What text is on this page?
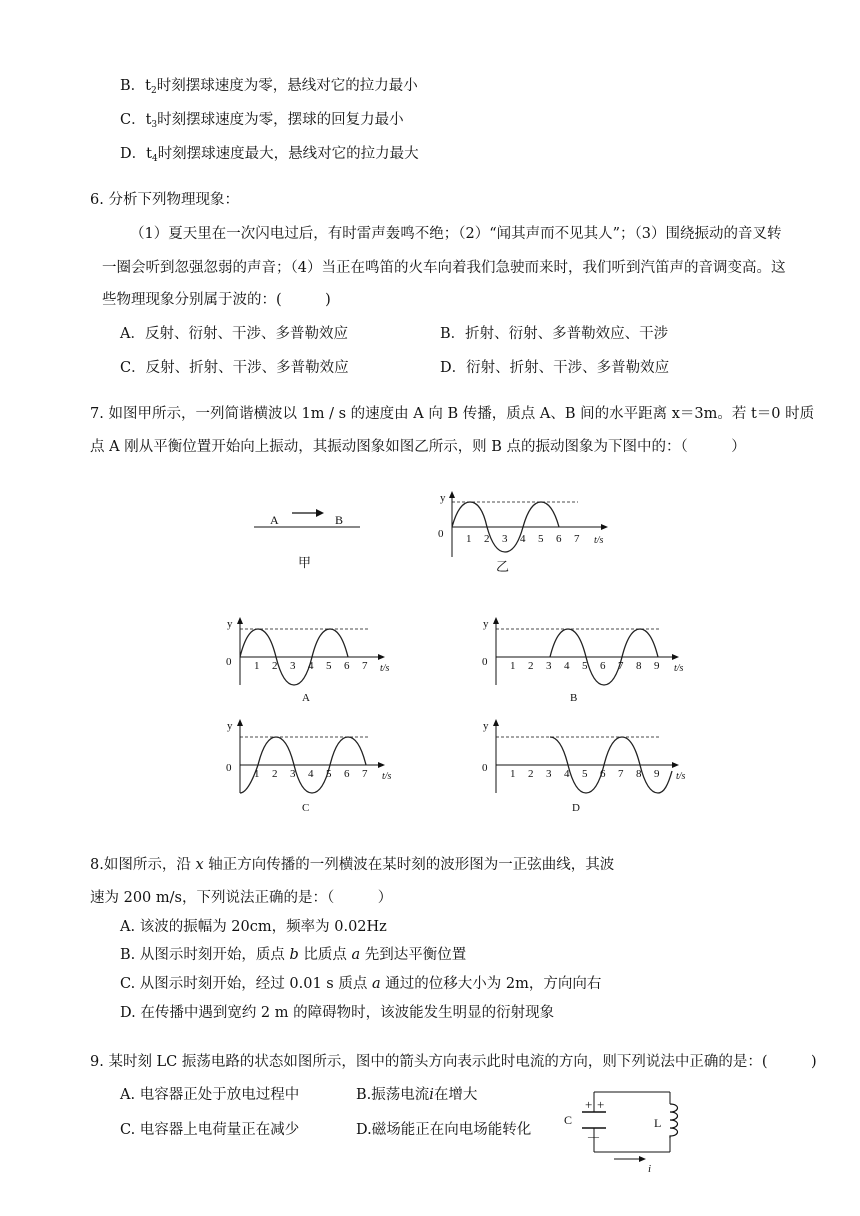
B．$t_2$时刻摆球速度为零，悬线对它的拉力最小
C．$t_3$时刻摆球速度为零，摆球的回复力最小
D．$t_4$时刻摆球速度最大，悬线对它的拉力最大
6. 分析下列物理现象：
（1）夏天里在一次闪电过后，有时雷声轰鸣不绝；（2）“闻其声而不见其人”；（3）围绕振动的音叉转
一圈会听到忽强忽弱的声音；（4）当正在鸣笛的火车向着我们急驶而来时，我们听到汽笛声的音调变高。这
些物理现象分别属于波的：(　　　)
A．反射、衍射、干涉、多普勒效应	B．折射、衍射、多普勒效应、干涉
C．反射、折射、干涉、多普勒效应	D．衍射、折射、干涉、多普勒效应
7. 如图甲所示，一列简谐横波以 1m / s 的速度由 A 向 B 传播，质点 A、B 间的水平距离 x＝3m。若 t＝0 时质
点 A 刚从平衡位置开始向上振动，其振动图象如图乙所示，则 B 点的振动图象为下图中的：（　　　）
A	B
甲
y
0 1 2 3 4 5 6 7 t/s
乙
y
0 1 2 3 4 5 6 7 t/s
A
y
0 1 2 3 4 5 6 7 8 9 t/s
B
y
0 1 2 3 4 5 6 7 t/s
C
y
0 1 2 3 4 5 6 7 8 9 t/s
D
8.如图所示，沿 x 轴正方向传播的一列横波在某时刻的波形图为一正弦曲线，其波
速为 200 m/s，下列说法正确的是：（　　　）
A. 该波的振幅为 20cm，频率为 0.02Hz
B. 从图示时刻开始，质点 b 比质点 a 先到达平衡位置
C. 从图示时刻开始，经过 0.01 s 质点 a 通过的位移大小为 2m，方向向右
D. 在传播中遇到宽约 2 m 的障碍物时，该波能发生明显的衍射现象
9. 某时刻 LC 振荡电路的状态如图所示，图中的箭头方向表示此时电流的方向，则下列说法中正确的是：(　　　)
A. 电容器正处于放电过程中	B.振荡电流i在增大
C. 电容器上电荷量正在减少	D.磁场能正在向电场能转化
+ +
—
C	L
i
